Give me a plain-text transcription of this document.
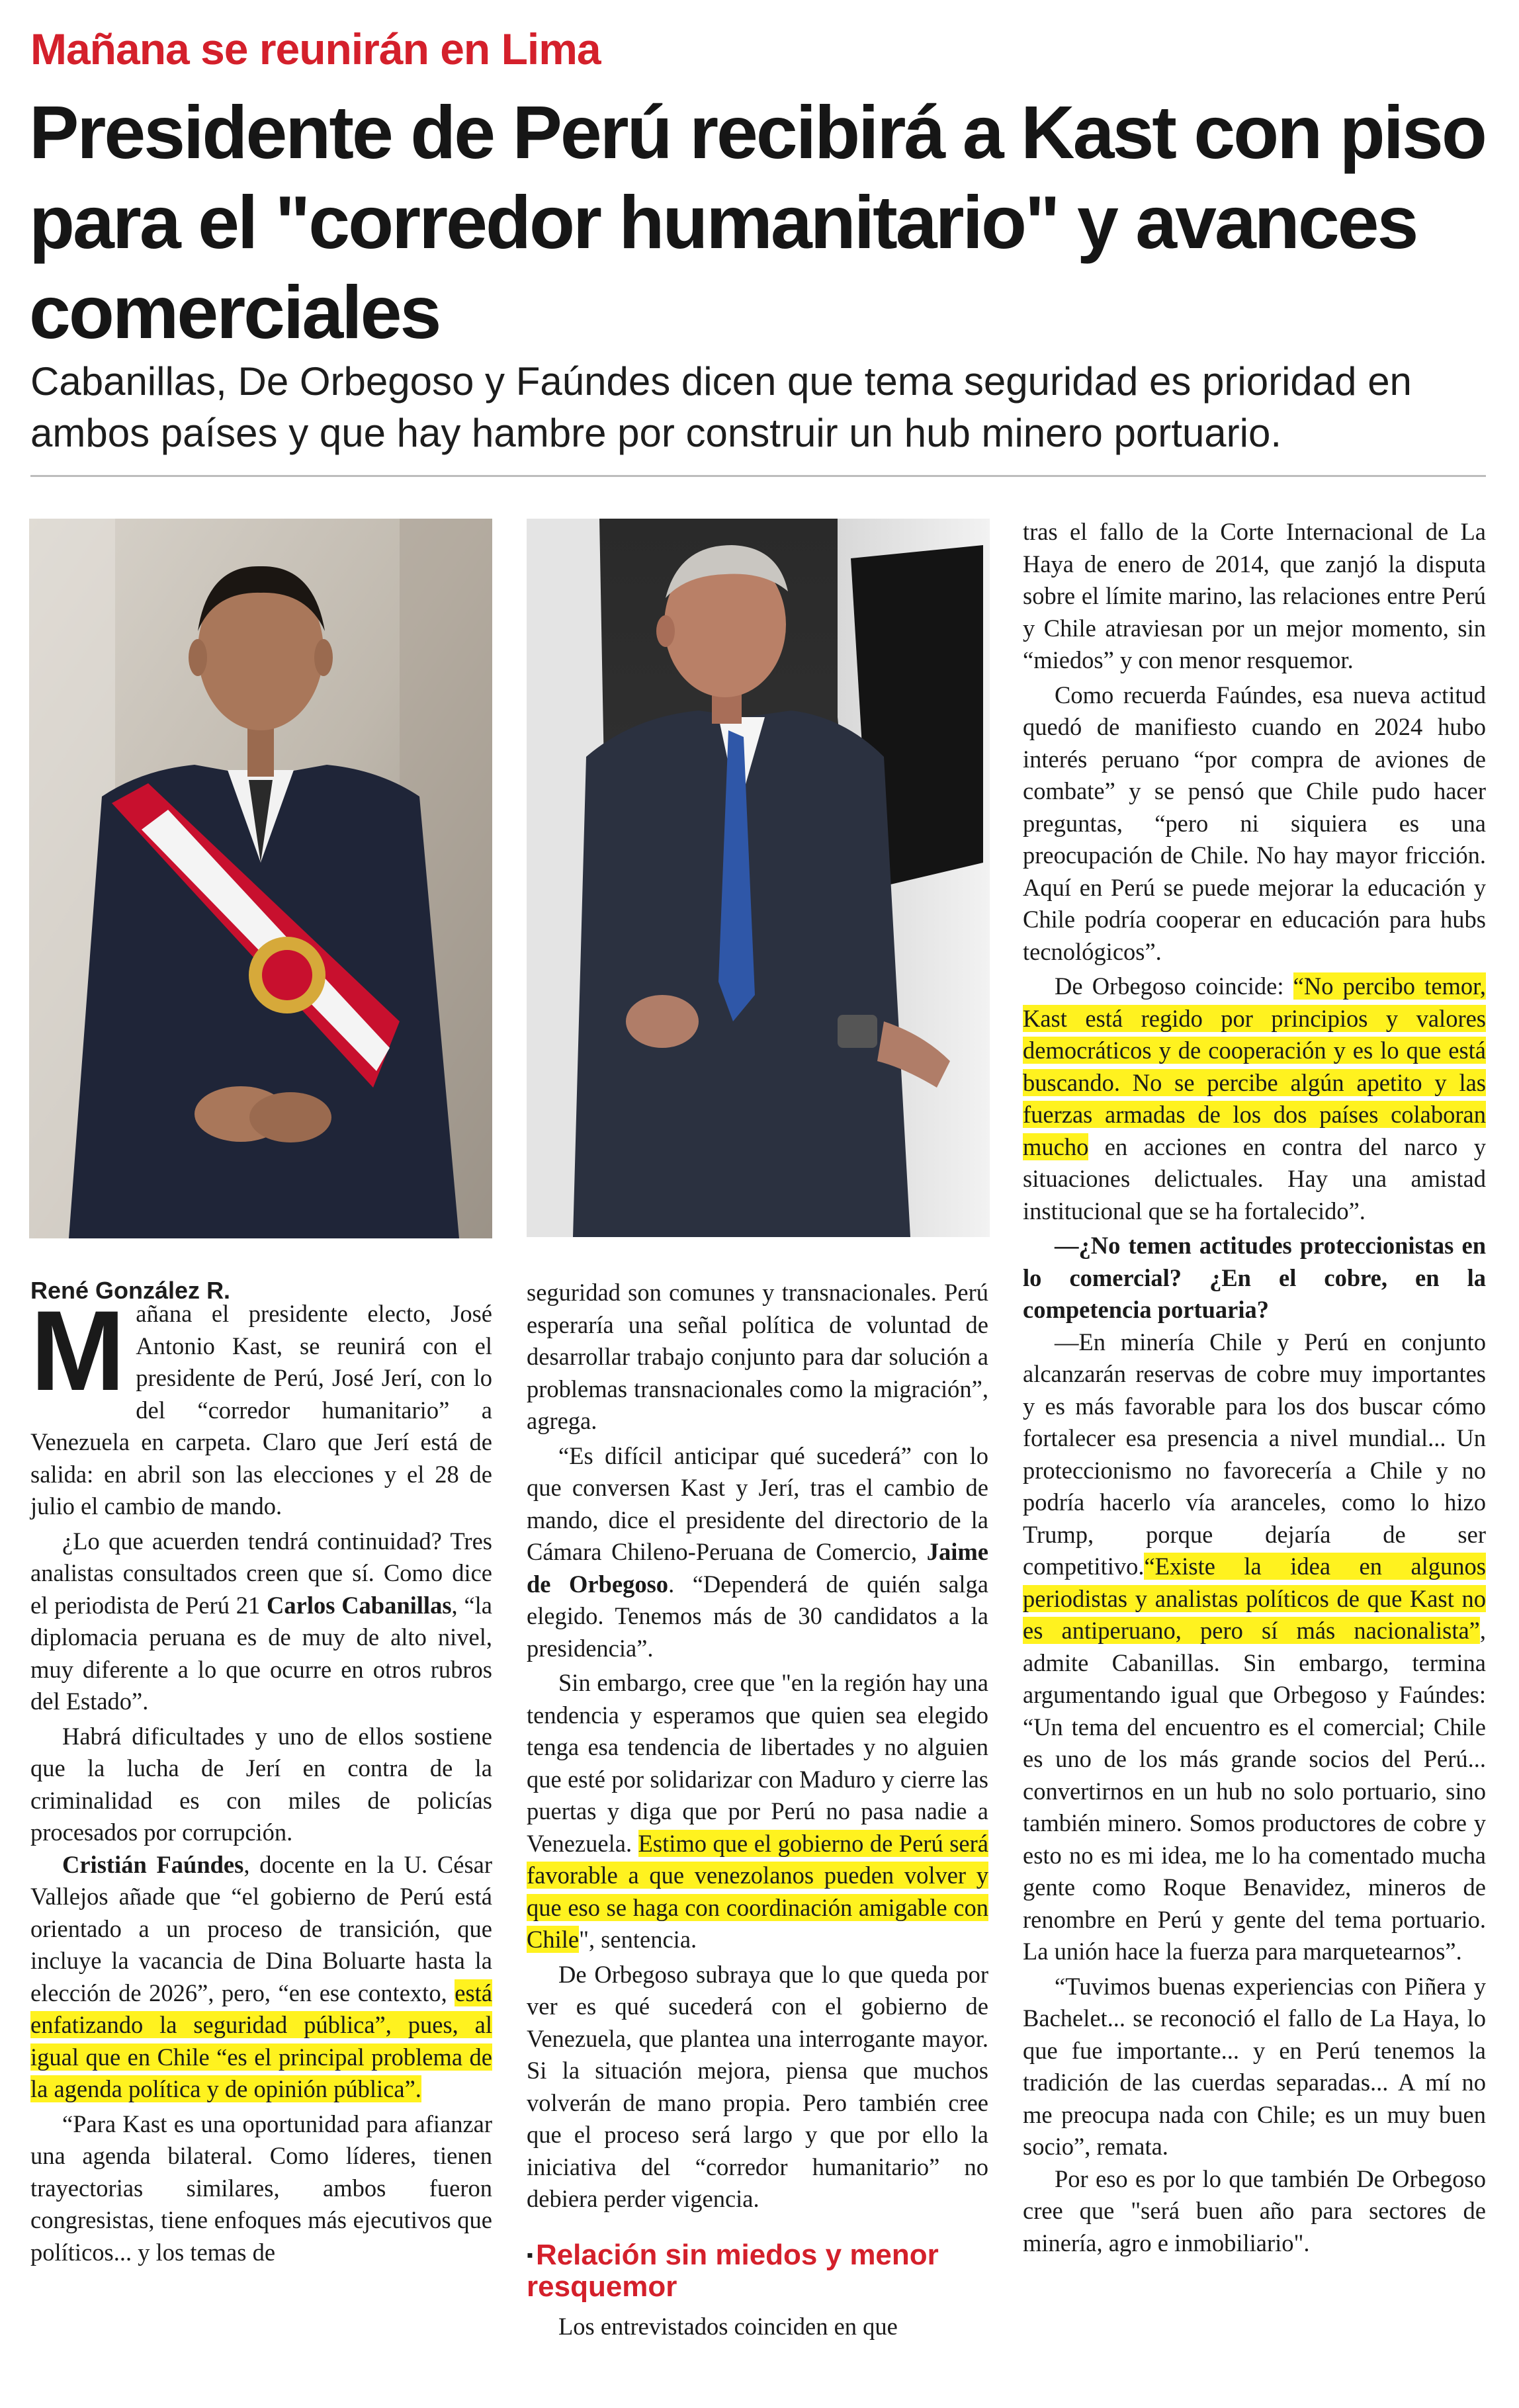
Mañana se reunirán en Lima
Presidente de Perú recibirá a Kast con piso para el "corredor humanitario" y avances comerciales

Cabanillas, De Orbegoso y Faúndes dicen que tema seguridad es prioridad en ambos países y que hay hambre por construir un hub minero portuario.

René González R.

Mañana el presidente electo, José Antonio Kast, se reunirá con el presidente de Perú, José Jerí, con lo del “corredor humanitario” a Venezuela en carpeta. Claro que Jerí está de salida: en abril son las elecciones y el 28 de julio el cambio de mando.

¿Lo que acuerden tendrá continuidad? Tres analistas consultados creen que sí. Como dice el periodista de Perú 21 Carlos Cabanillas, “la diplomacia peruana es de muy de alto nivel, muy diferente a lo que ocurre en otros rubros del Estado”.

Habrá dificultades y uno de ellos sostiene que la lucha de Jerí en contra de la criminalidad es con miles de policías procesados por corrupción.

Cristián Faúndes, docente en la U. César Vallejos añade que “el gobierno de Perú está orientado a un proceso de transición, que incluye la vacancia de Dina Boluarte hasta la elección de 2026”, pero, “en ese contexto, está enfatizando la seguridad pública”, pues, al igual que en Chile “es el principal problema de la agenda política y de opinión pública”.

“Para Kast es una oportunidad para afianzar una agenda bilateral. Como líderes, tienen trayectorias similares, ambos fueron congresistas, tiene enfoques más ejecutivos que políticos... y los temas de

seguridad son comunes y transnacionales. Perú esperaría una señal política de voluntad de desarrollar trabajo conjunto para dar solución a problemas transnacionales como la migración”, agrega.

“Es difícil anticipar qué sucederá” con lo que conversen Kast y Jerí, tras el cambio de mando, dice el presidente del directorio de la Cámara Chileno-Peruana de Comercio, Jaime de Orbegoso. “Dependerá de quién salga elegido. Tenemos más de 30 candidatos a la presidencia”.

Sin embargo, cree que "en la región hay una tendencia y esperamos que quien sea elegido tenga esa tendencia de libertades y no alguien que esté por solidarizar con Maduro y cierre las puertas y diga que por Perú no pasa nadie a Venezuela. Estimo que el gobierno de Perú será favorable a que venezolanos pueden volver y que eso se haga con coordinación amigable con Chile", sentencia.

De Orbegoso subraya que lo que queda por ver es qué sucederá con el gobierno de Venezuela, que plantea una interrogante mayor. Si la situación mejora, piensa que muchos volverán de mano propia. Pero también cree que el proceso será largo y que por ello la iniciativa del “corredor humanitario” no debiera perder vigencia.

▪Relación sin miedos y menor resquemor

Los entrevistados coinciden en que

tras el fallo de la Corte Internacional de La Haya de enero de 2014, que zanjó la disputa sobre el límite marino, las relaciones entre Perú y Chile atraviesan por un mejor momento, sin “miedos” y con menor resquemor.

Como recuerda Faúndes, esa nueva actitud quedó de manifiesto cuando en 2024 hubo interés peruano “por compra de aviones de combate” y se pensó que Chile pudo hacer preguntas, “pero ni siquiera es una preocupación de Chile. No hay mayor fricción. Aquí en Perú se puede mejorar la educación y Chile podría cooperar en educación para hubs tecnológicos”.

De Orbegoso coincide: “No percibo temor, Kast está regido por principios y valores democráticos y de cooperación y es lo que está buscando. No se percibe algún apetito y las fuerzas armadas de los dos países colaboran mucho en acciones en contra del narco y situaciones delictuales. Hay una amistad institucional que se ha fortalecido”.

—¿No temen actitudes proteccionistas en lo comercial? ¿En el cobre, en la competencia portuaria?

—En minería Chile y Perú en conjunto alcanzarán reservas de cobre muy importantes y es más favorable para los dos buscar cómo fortalecer esa presencia a nivel mundial... Un proteccionismo no favorecería a Chile y no podría hacerlo vía aranceles, como lo hizo Trump, porque dejaría de ser competitivo.“Existe la idea en algunos periodistas y analistas políticos de que Kast no es antiperuano, pero sí más nacionalista”, admite Cabanillas. Sin embargo, termina argumentando igual que Orbegoso y Faúndes: “Un tema del encuentro es el comercial; Chile es uno de los más grande socios del Perú... convertirnos en un hub no solo portuario, sino también minero. Somos productores de cobre y esto no es mi idea, me lo ha comentado mucha gente como Roque Benavidez, mineros de renombre en Perú y gente del tema portuario. La unión hace la fuerza para marquetearnos”.

“Tuvimos buenas experiencias con Piñera y Bachelet... se reconoció el fallo de La Haya, lo que fue importante... y en Perú tenemos la tradición de las cuerdas separadas... A mí no me preocupa nada con Chile; es un muy buen socio”, remata.

Por eso es por lo que también De Orbegoso cree que "será buen año para sectores de minería, agro e inmobiliario".
